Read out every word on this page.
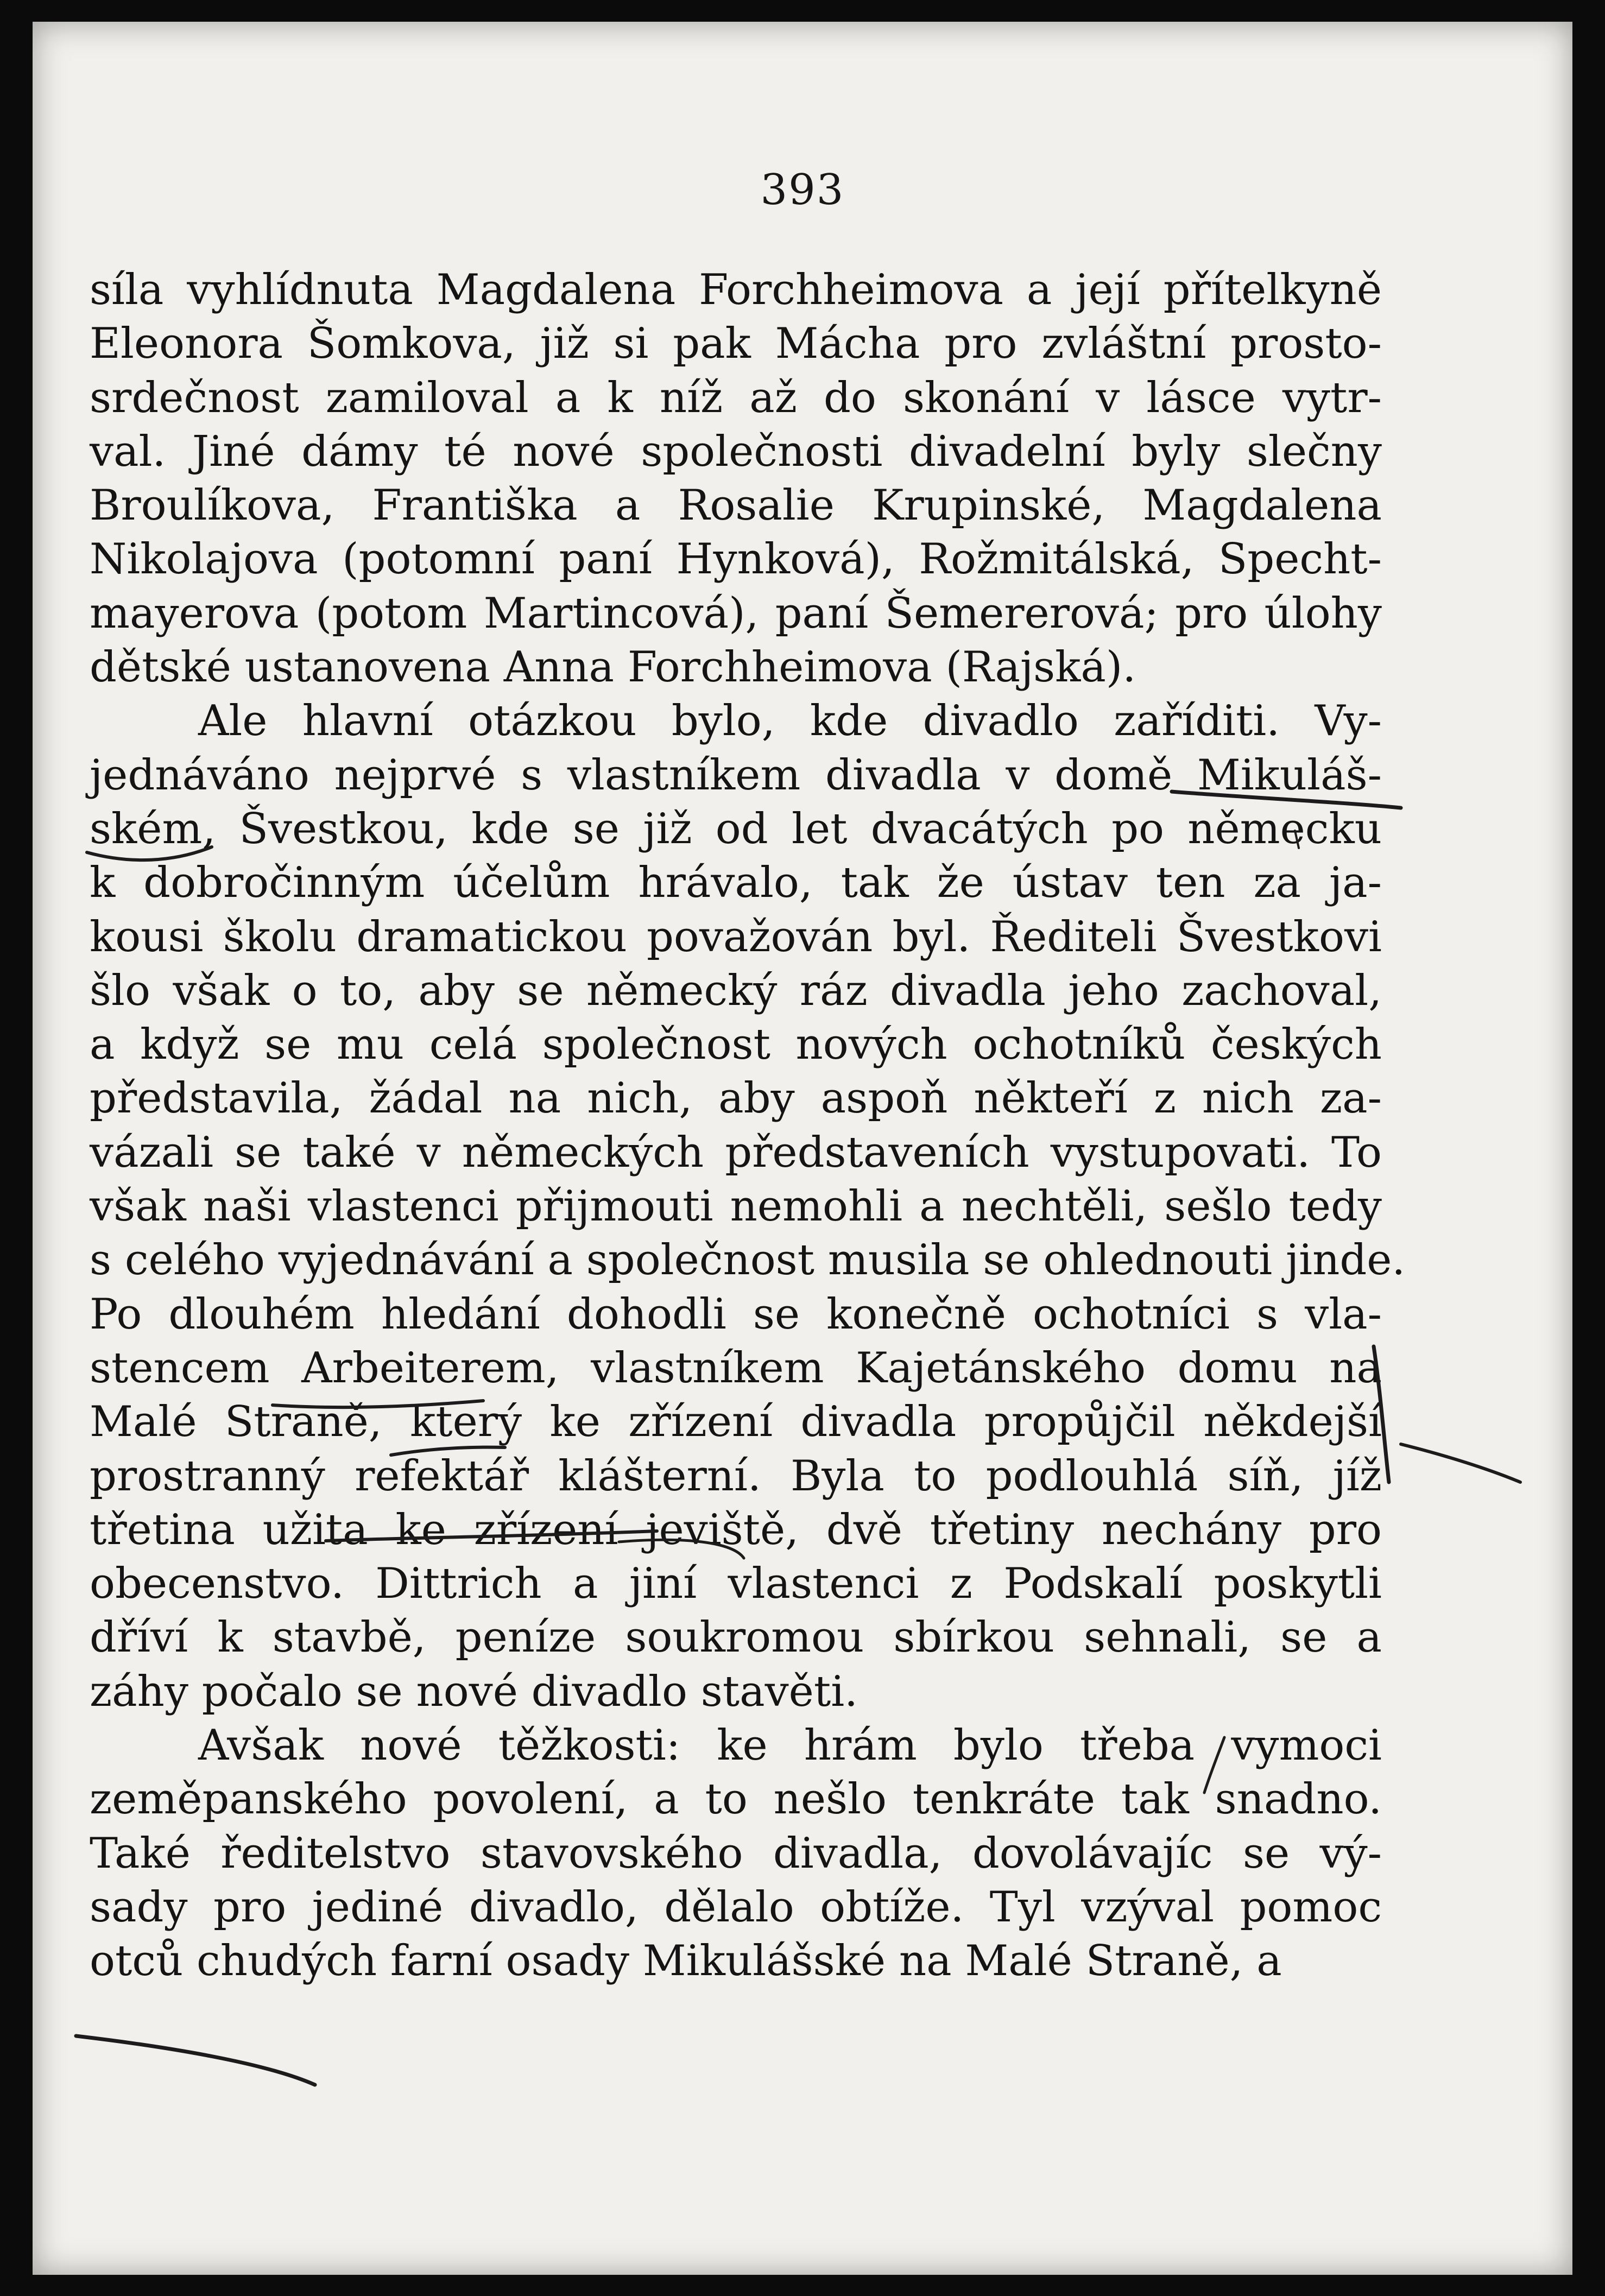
393
síla vyhlídnuta Magdalena Forchheimova a její přítelkyně
Eleonora Šomkova, již si pak Mácha pro zvláštní prosto-
srdečnost zamiloval a k níž až do skonání v lásce vytr-
val. Jiné dámy té nové společnosti divadelní byly slečny
Broulíkova, Františka a Rosalie Krupinské, Magdalena
Nikolajova (potomní paní Hynková), Rožmitálská, Specht-
mayerova (potom Martincová), paní Šemererová; pro úlohy
dětské ustanovena Anna Forchheimova (Rajská).
Ale hlavní otázkou bylo, kde divadlo zaříditi. Vy-
jednáváno nejprvé s vlastníkem divadla v domě Mikuláš-
ském, Švestkou, kde se již od let dvacátých po německu
k dobročinným účelům hrávalo, tak že ústav ten za ja-
kousi školu dramatickou považován byl. Řediteli Švestkovi
šlo však o to, aby se německý ráz divadla jeho zachoval,
a když se mu celá společnost nových ochotníků českých
představila, žádal na nich, aby aspoň někteří z nich za-
vázali se také v německých představeních vystupovati. To
však naši vlastenci přijmouti nemohli a nechtěli, sešlo tedy
s celého vyjednávání a společnost musila se ohlednouti jinde.
Po dlouhém hledání dohodli se konečně ochotníci s vla-
stencem Arbeiterem, vlastníkem Kajetánského domu na
Malé Straně, který ke zřízení divadla propůjčil někdejší
prostranný refektář klášterní. Byla to podlouhlá síň, jíž
třetina užita ke zřízení jeviště, dvě třetiny nechány pro
obecenstvo. Dittrich a jiní vlastenci z Podskalí poskytli
dříví k stavbě, peníze soukromou sbírkou sehnali, se a
záhy počalo se nové divadlo stavěti.
Avšak nové těžkosti: ke hrám bylo třeba vymoci
zeměpanského povolení, a to nešlo tenkráte tak snadno.
Také ředitelstvo stavovského divadla, dovolávajíc se vý-
sady pro jediné divadlo, dělalo obtíže. Tyl vzýval pomoc
otců chudých farní osady Mikulášské na Malé Straně, a
